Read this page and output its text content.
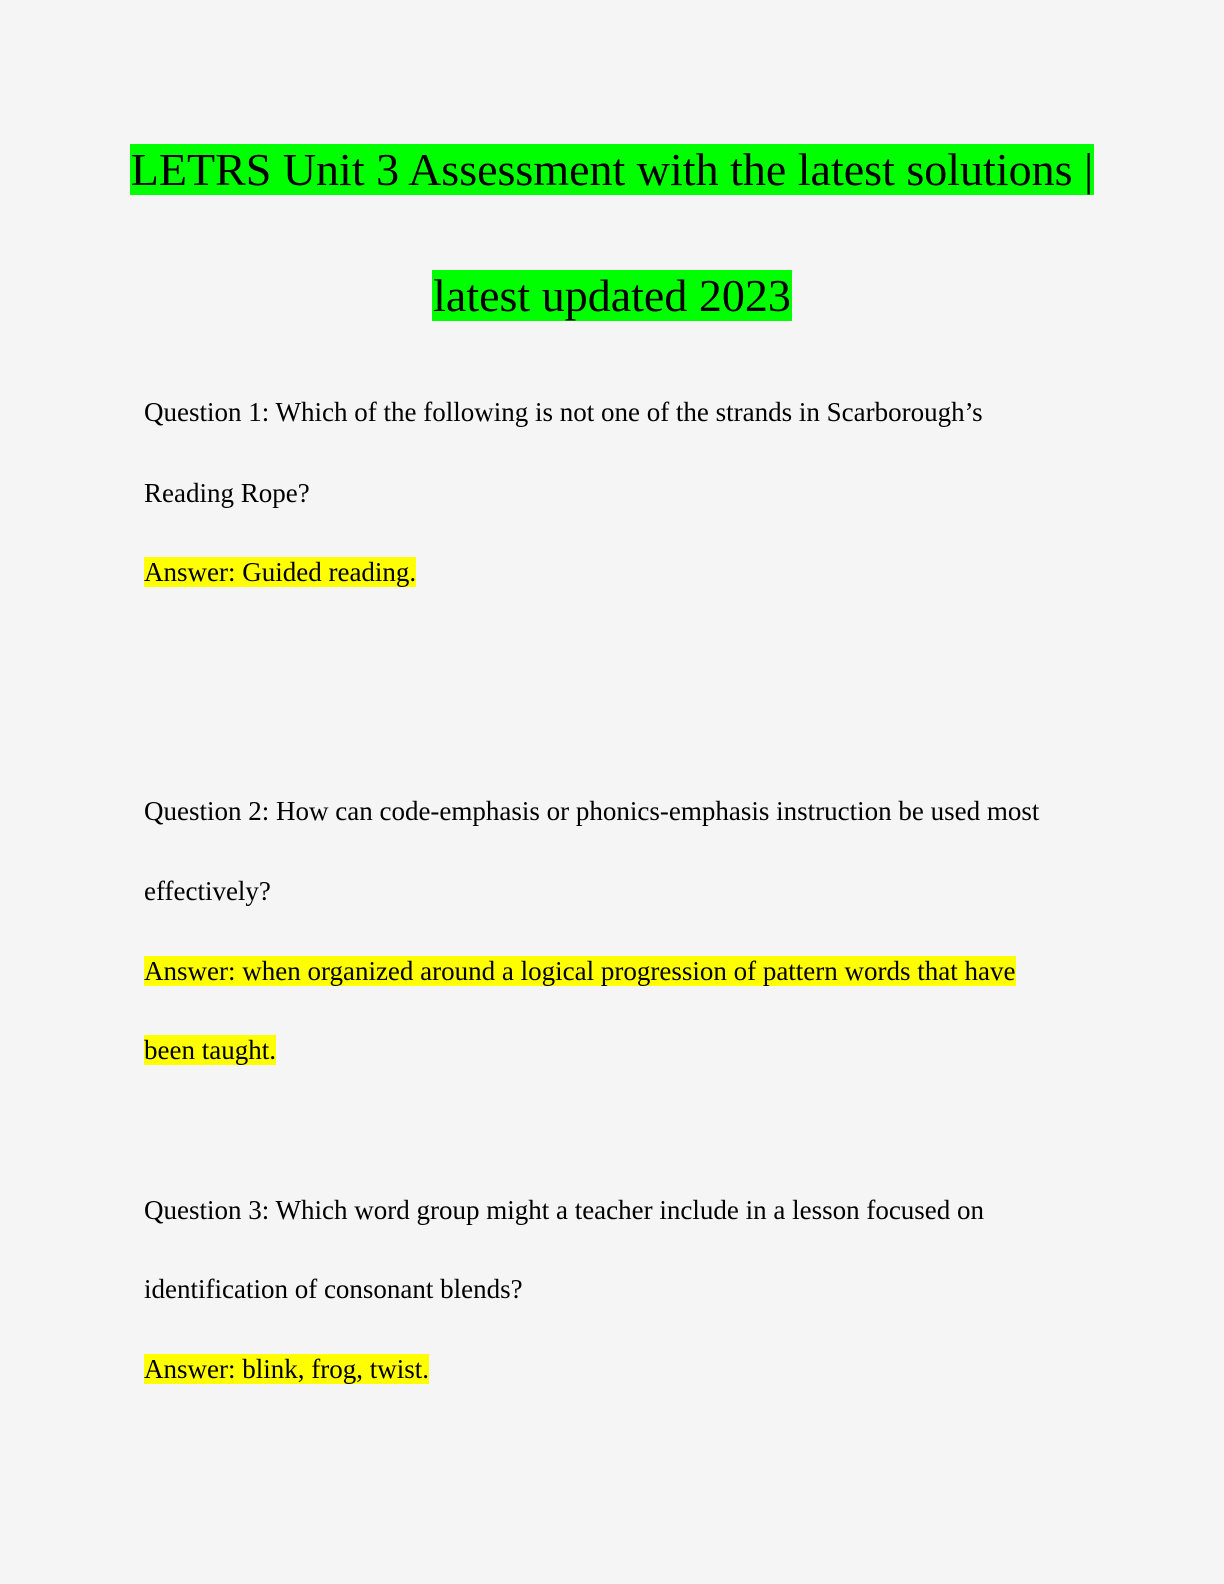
LETRS Unit 3 Assessment with the latest solutions |
latest updated 2023
Question 1: Which of the following is not one of the strands in Scarborough’s
Reading Rope?
Answer: Guided reading.
Question 2: How can code-emphasis or phonics-emphasis instruction be used most
effectively?
Answer: when organized around a logical progression of pattern words that have
been taught.
Question 3: Which word group might a teacher include in a lesson focused on
identification of consonant blends?
Answer: blink, frog, twist.
